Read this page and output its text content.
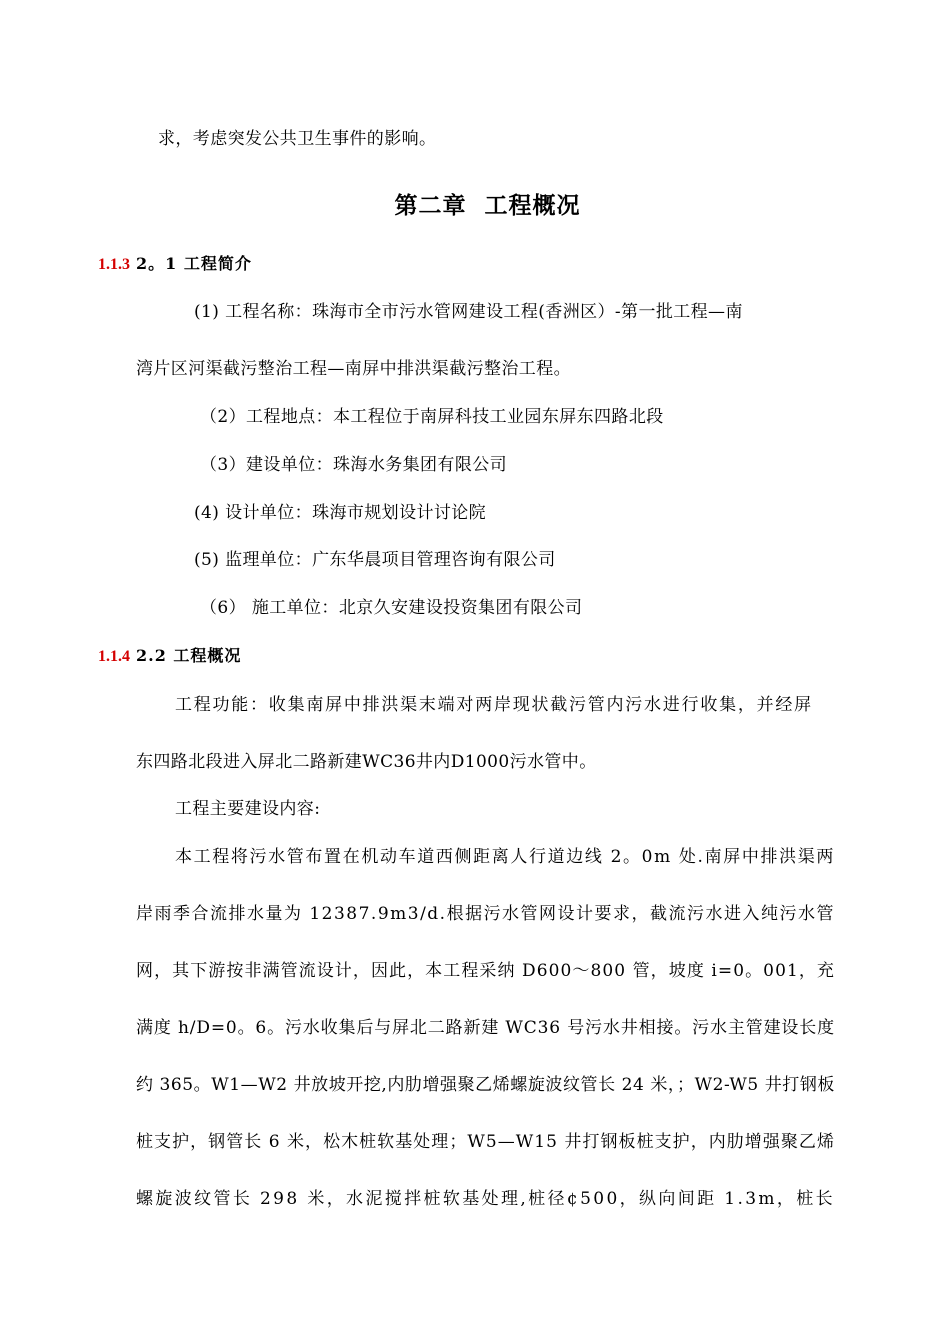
求，考虑突发公共卫生事件的影响。
第二章  工程概况
1.1.3 2。1 工程简介
(1) 工程名称：珠海市全市污水管网建设工程(香洲区）-第一批工程—南
湾片区河渠截污整治工程—南屏中排洪渠截污整治工程。
（2）工程地点：本工程位于南屏科技工业园东屏东四路北段
（3）建设单位：珠海水务集团有限公司
(4) 设计单位：珠海市规划设计讨论院
(5) 监理单位：广东华晨项目管理咨询有限公司
（6） 施工单位：北京久安建设投资集团有限公司
1.1.4 2.2 工程概况
工程功能：收集南屏中排洪渠末端对两岸现状截污管内污水进行收集，并经屏
东四路北段进入屏北二路新建WC36井内D1000污水管中。
工程主要建设内容:
本工程将污水管布置在机动车道西侧距离人行道边线 2。0m 处.南屏中排洪渠两
岸雨季合流排水量为 12387.9m3/d.根据污水管网设计要求，截流污水进入纯污水管
网，其下游按非满管流设计，因此，本工程采纳 D600～800 管，坡度 i=0。001，充
满度 h/D=0。6。污水收集后与屏北二路新建 WC36 号污水井相接。污水主管建设长度
约 365。W1—W2 井放坡开挖,内肋增强聚乙烯螺旋波纹管长 24 米，；W2-W5 井打钢板
桩支护，钢管长 6 米，松木桩软基处理；W5—W15 井打钢板桩支护，内肋增强聚乙烯
螺旋波纹管长 298 米，水泥搅拌桩软基处理,桩径¢500，纵向间距 1.3m，桩长
